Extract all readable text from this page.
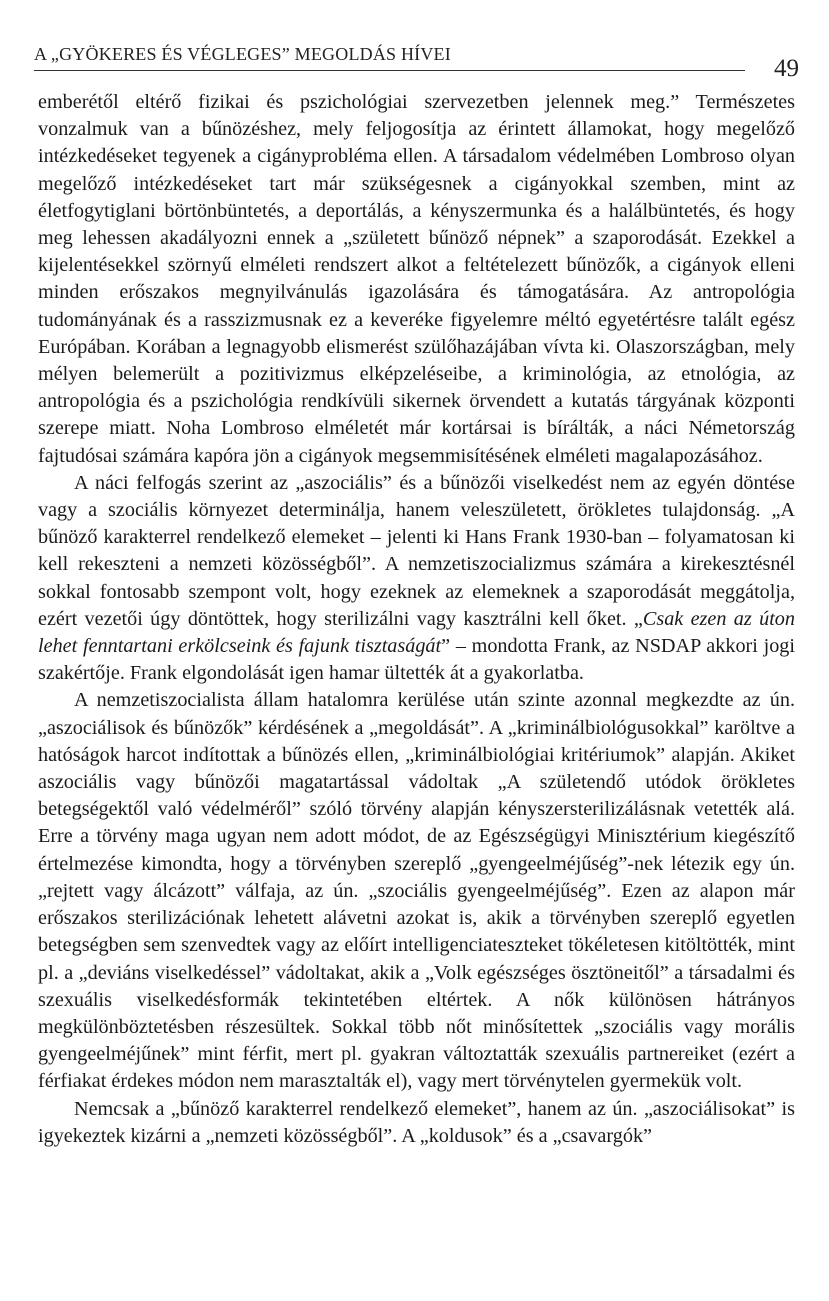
A „GYÖKERES ÉS VÉGLEGES” MEGOLDÁS HÍVEI
49

emberétől eltérő fizikai és pszichológiai szervezetben jelennek meg.” Természetes vonzalmuk van a bűnözéshez, mely feljogosítja az érintett államokat, hogy megelőző intézkedéseket tegyenek a cigányprobléma ellen. A társadalom védelmében Lombroso olyan megelőző intézkedéseket tart már szükségesnek a cigányokkal szemben, mint az életfogytiglani börtönbüntetés, a deportálás, a kényszermunka és a halálbüntetés, és hogy meg lehessen akadályozni ennek a „született bűnöző népnek” a szaporodását. Ezekkel a kijelentésekkel szörnyű elméleti rendszert alkot a feltételezett bűnözők, a cigányok elleni minden erőszakos megnyilvánulás igazolására és támogatására. Az antropológia tudományának és a rasszizmusnak ez a keveréke figyelemre méltó egyetértésre talált egész Európában. Korában a legnagyobb elismerést szülőhazájában vívta ki. Olaszországban, mely mélyen belemerült a pozitivizmus elképzeléseibe, a kriminológia, az etnológia, az antropológia és a pszichológia rendkívüli sikernek örvendett a kutatás tárgyának központi szerepe miatt. Noha Lombroso elméletét már kortársai is bírálták, a náci Németország fajtudósai számára kapóra jön a cigányok megsemmisítésének elméleti magalapozásához.

A náci felfogás szerint az „aszociális” és a bűnözői viselkedést nem az egyén döntése vagy a szociális környezet determinálja, hanem veleszületett, örökletes tulajdonság. „A bűnöző karakterrel rendelkező elemeket – jelenti ki Hans Frank 1930-ban – folyamatosan ki kell rekeszteni a nemzeti közösségből”. A nemzetiszocializmus számára a kirekesztésnél sokkal fontosabb szempont volt, hogy ezeknek az elemeknek a szaporodását meggátolja, ezért vezetői úgy döntöttek, hogy sterilizálni vagy kasztrálni kell őket. „Csak ezen az úton lehet fenntartani erkölcseink és fajunk tisztaságát” – mondotta Frank, az NSDAP akkori jogi szakértője. Frank elgondolását igen hamar ültették át a gyakorlatba.

A nemzetiszocialista állam hatalomra kerülése után szinte azonnal megkezdte az ún. „aszociálisok és bűnözők” kérdésének a „megoldását”. A „kriminálbiológusokkal” karöltve a hatóságok harcot indítottak a bűnözés ellen, „kriminálbiológiai kritériumok” alapján. Akiket aszociális vagy bűnözői magatartással vádoltak „A születendő utódok örökletes betegségektől való védelméről” szóló törvény alapján kényszersterilizálásnak vetették alá. Erre a törvény maga ugyan nem adott módot, de az Egészségügyi Minisztérium kiegészítő értelmezése kimondta, hogy a törvényben szereplő „gyengeelméjűség”-nek létezik egy ún. „rejtett vagy álcázott” válfaja, az ún. „szociális gyengeelméjűség”. Ezen az alapon már erőszakos sterilizációnak lehetett alávetni azokat is, akik a törvényben szereplő egyetlen betegségben sem szenvedtek vagy az előírt intelligenciateszteket tökéletesen kitöltötték, mint pl. a „deviáns viselkedéssel” vádoltakat, akik a „Volk egészséges ösztöneitől” a társadalmi és szexuális viselkedésformák tekintetében eltértek. A nők különösen hátrányos megkülönböztetésben részesültek. Sokkal több nőt minősítettek „szociális vagy morális gyengeelméjűnek” mint férfit, mert pl. gyakran változtatták szexuális partnereiket (ezért a férfiakat érdekes módon nem marasztalták el), vagy mert törvénytelen gyermekük volt.

Nemcsak a „bűnöző karakterrel rendelkező elemeket”, hanem az ún. „aszociálisokat” is igyekeztek kizárni a „nemzeti közösségből”. A „koldusok” és a „csavargók”
